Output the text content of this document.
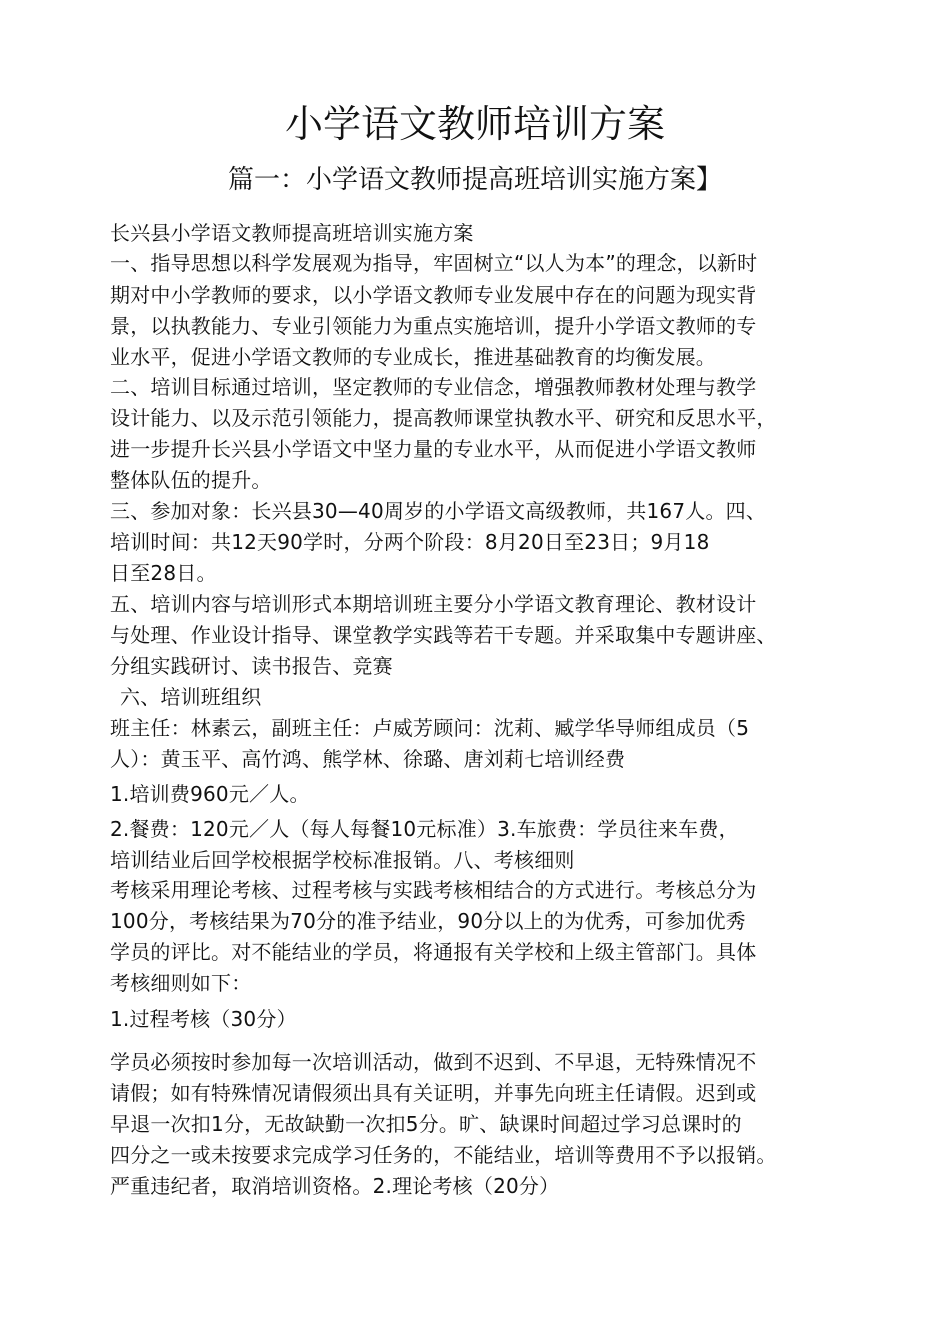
小学语文教师培训方案
篇一：小学语文教师提高班培训实施方案】
长兴县小学语文教师提高班培训实施方案
一、指导思想以科学发展观为指导，牢固树立“以人为本”的理念，以新时
期对中小学教师的要求，以小学语文教师专业发展中存在的问题为现实背
景，以执教能力、专业引领能力为重点实施培训，提升小学语文教师的专
业水平，促进小学语文教师的专业成长，推进基础教育的均衡发展。
二、培训目标通过培训，坚定教师的专业信念，增强教师教材处理与教学
设计能力、以及示范引领能力，提高教师课堂执教水平、研究和反思水平，
进一步提升长兴县小学语文中坚力量的专业水平，从而促进小学语文教师
整体队伍的提升。
三、参加对象：长兴县30—40周岁的小学语文高级教师，共167人。四、
培训时间：共12天90学时，分两个阶段：8月20日至23日；9月18
日至28日。
五、培训内容与培训形式本期培训班主要分小学语文教育理论、教材设计
与处理、作业设计指导、课堂教学实践等若干专题。并采取集中专题讲座、
分组实践研讨、读书报告、竞赛
六、培训班组织
班主任：林素云，副班主任：卢威芳顾问：沈莉、臧学华导师组成员（5
人）：黄玉平、高竹鸿、熊学林、徐璐、唐刘莉七培训经费
1.培训费960元／人。
2.餐费：120元／人（每人每餐10元标准）3.车旅费：学员往来车费，
培训结业后回学校根据学校标准报销。八、考核细则
考核采用理论考核、过程考核与实践考核相结合的方式进行。考核总分为
100分，考核结果为70分的准予结业，90分以上的为优秀，可参加优秀
学员的评比。对不能结业的学员，将通报有关学校和上级主管部门。具体
考核细则如下：
1.过程考核（30分）
学员必须按时参加每一次培训活动，做到不迟到、不早退，无特殊情况不
请假；如有特殊情况请假须出具有关证明，并事先向班主任请假。迟到或
早退一次扣1分，无故缺勤一次扣5分。旷、缺课时间超过学习总课时的
四分之一或未按要求完成学习任务的，不能结业，培训等费用不予以报销。
严重违纪者，取消培训资格。2.理论考核（20分）
